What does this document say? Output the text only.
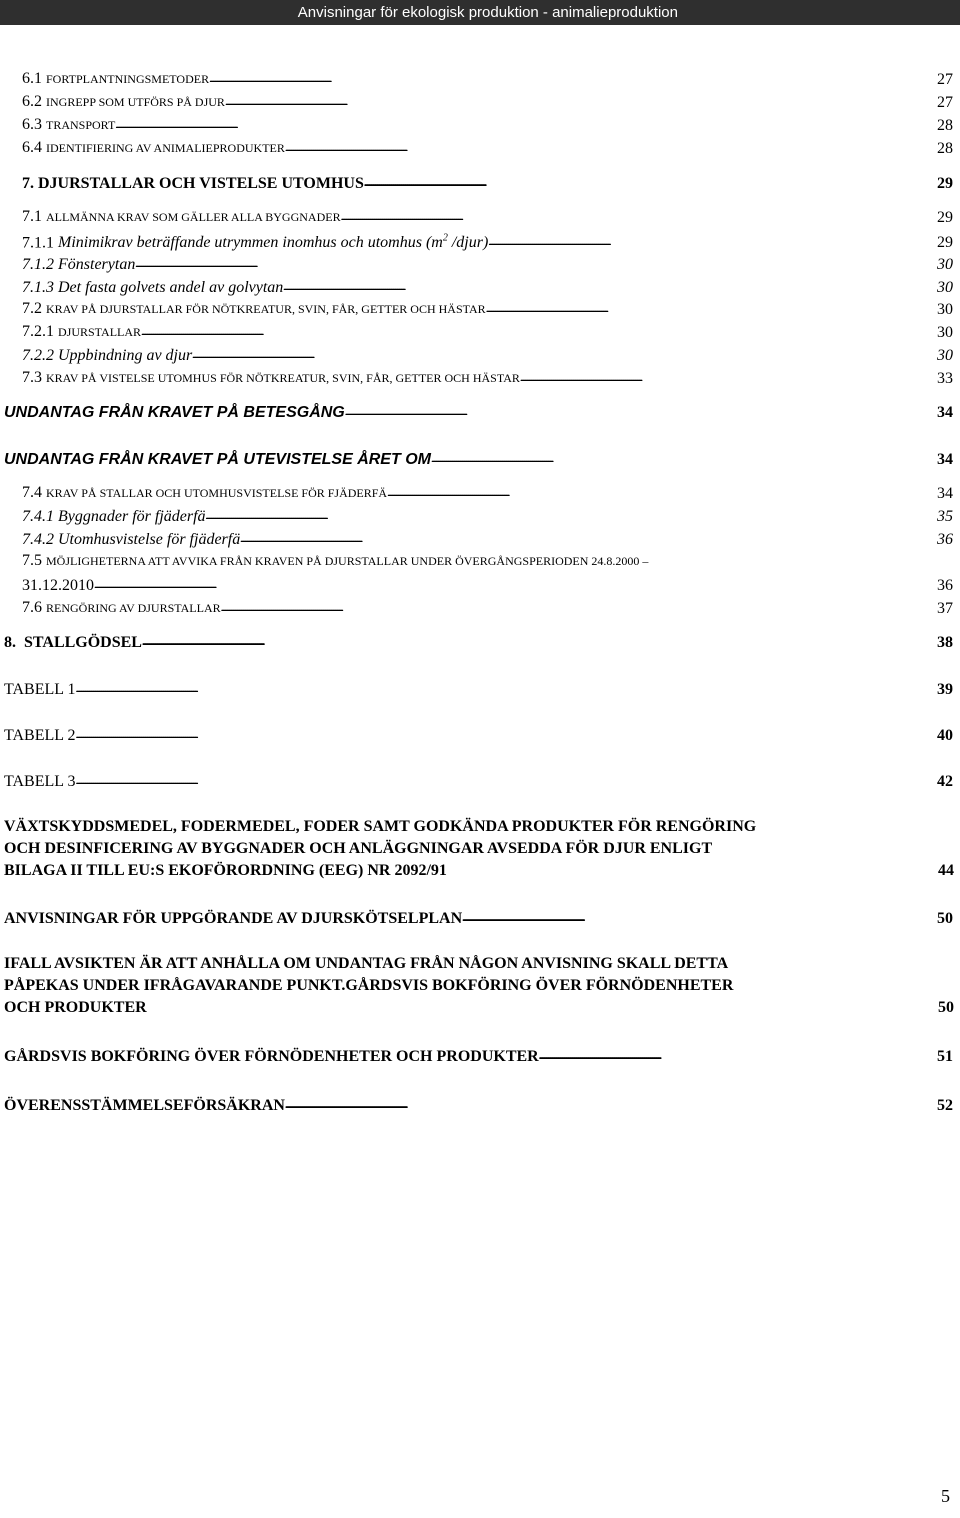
Anvisningar för ekologisk produktion - animalieproduktion
6.1 FORTPLANTNINGSMETODER . . .	27
6.2 INGREPP SOM UTFÖRS PÅ DJUR . . .	27
6.3 TRANSPORT . . .	28
6.4 IDENTIFIERING AV ANIMALIEPRODUKTER . . .	28
7. DJURSTALLAR OCH VISTELSE UTOMHUS . . .	29
7.1 ALLMÄNNA KRAV SOM GÄLLER ALLA BYGGNADER . . .	29
7.1.1 Minimikrav beträffande utrymmen inomhus och utomhus ($m^2$ /djur) . . .	29
7.1.2 Fönsterytan . . .	30
7.1.3 Det fasta golvets andel av golvytan . . .	30
7.2 KRAV PÅ DJURSTALLAR FÖR NÖTKREATUR, SVIN, FÅR, GETTER OCH HÄSTAR . . .	30
7.2.1 DJURSTALLAR . . .	30
7.2.2 Uppbindning av djur . . .	30
7.3 KRAV PÅ VISTELSE UTOMHUS FÖR NÖTKREATUR, SVIN, FÅR, GETTER OCH HÄSTAR . . .	33
UNDANTAG FRÅN KRAVET PÅ BETESGÅNG . . .	34
UNDANTAG FRÅN KRAVET PÅ UTEVISTELSE ÅRET OM . . .	34
7.4 KRAV PÅ STALLAR OCH UTOMHUSVISTELSE FÖR FJÄDERFÄ . . .	34
7.4.1 Byggnader för fjäderfä . . .	35
7.4.2 Utomhusvistelse för fjäderfä . . .	36
7.5 MÖJLIGHETERNA ATT AVVIKA FRÅN KRAVEN PÅ DJURSTALLAR UNDER ÖVERGÅNGSPERIODEN 24.8.2000 –
31.12.2010 . . .	36
7.6 RENGÖRING AV DJURSTALLAR . . .	37
8. STALLGÖDSEL . . .	38
TABELL 1 . . .	39
TABELL 2 . . .	40
TABELL 3 . . .	42
VÄXTSKYDDSMEDEL, FODERMEDEL, FODER SAMT GODKÄNDA PRODUKTER FÖR RENGÖRING
OCH DESINFICERING AV BYGGNADER OCH ANLÄGGNINGAR AVSEDDA FÖR DJUR ENLIGT
BILAGA II TILL EU:S EKOFÖRORDNING (EEG) NR 2092/91	44
ANVISNINGAR FÖR UPPGÖRANDE AV DJURSKÖTSELPLAN . . .	50
IFALL AVSIKTEN ÄR ATT ANHÅLLA OM UNDANTAG FRÅN NÅGON ANVISNING SKALL DETTA
PÅPEKAS UNDER IFRÅGAVARANDE PUNKT.GÅRDSVIS BOKFÖRING ÖVER FÖRNÖDENHETER
OCH PRODUKTER	50
GÅRDSVIS BOKFÖRING ÖVER FÖRNÖDENHETER OCH PRODUKTER . . .	51
ÖVERENSSTÄMMELSEFÖRSÄKRAN . . .	52
5
